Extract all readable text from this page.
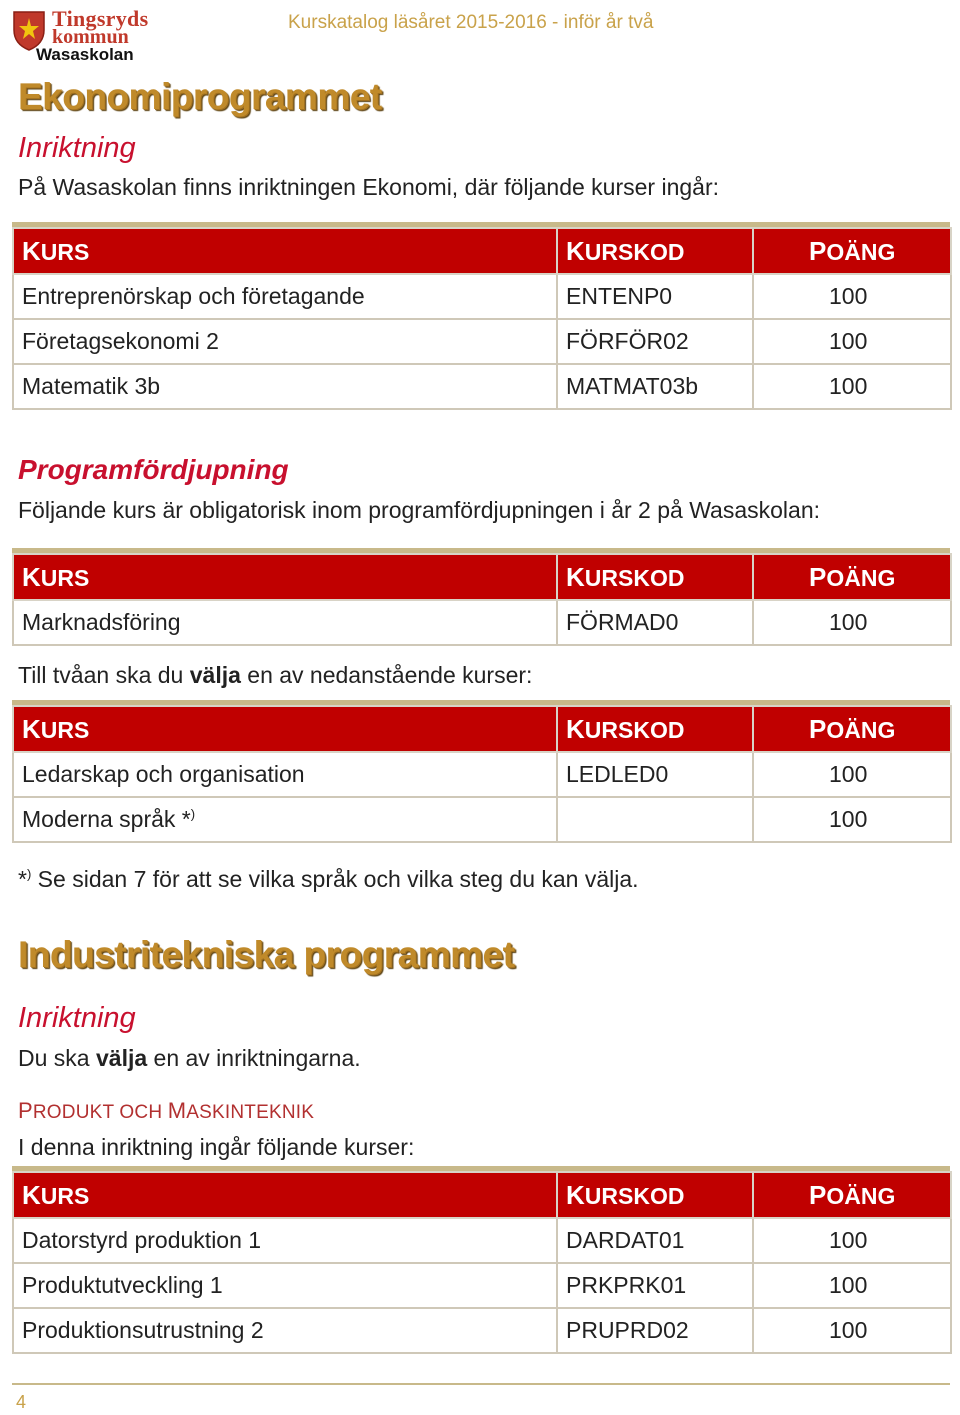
Tingsryds
kommun
Wasaskolan
Kurskatalog läsåret 2015-2016 - inför år två
Ekonomiprogrammet
Inriktning
På Wasaskolan finns inriktningen Ekonomi, där följande kurser ingår:
KURS	KURSKOD	POÄNG
Entreprenörskap och företagande	ENTENP0	100
Företagsekonomi 2	FÖRFÖR02	100
Matematik 3b	MATMAT03b	100
Programfördjupning
Följande kurs är obligatorisk inom programfördjupningen i år 2 på Wasaskolan:
KURS	KURSKOD	POÄNG
Marknadsföring	FÖRMAD0	100
Till tvåan ska du välja en av nedanstående kurser:
KURS	KURSKOD	POÄNG
Ledarskap och organisation	LEDLED0	100
Moderna språk *)		100
*) Se sidan 7 för att se vilka språk och vilka steg du kan välja.
Industritekniska programmet
Inriktning
Du ska välja en av inriktningarna.
PRODUKT OCH MASKINTEKNIK
I denna inriktning ingår följande kurser:
KURS	KURSKOD	POÄNG
Datorstyrd produktion 1	DARDAT01	100
Produktutveckling 1	PRKPRK01	100
Produktionsutrustning 2	PRUPRD02	100
4
